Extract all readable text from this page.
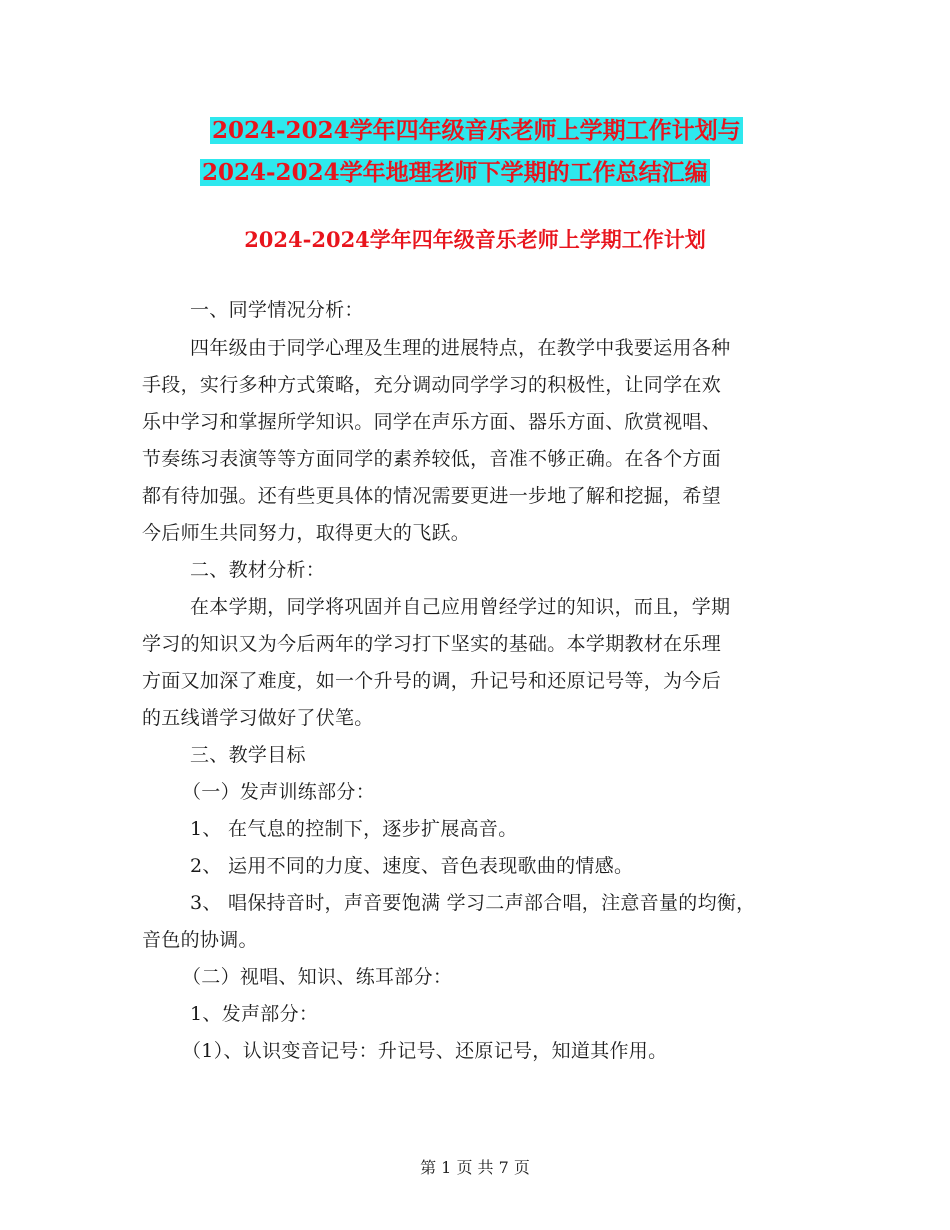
2024-2024学年四年级音乐老师上学期工作计划与
2024-2024学年地理老师下学期的工作总结汇编
2024-2024学年四年级音乐老师上学期工作计划
一、同学情况分析：
四年级由于同学心理及生理的进展特点，在教学中我要运用各种
手段，实行多种方式策略，充分调动同学学习的积极性，让同学在欢
乐中学习和掌握所学知识。同学在声乐方面、器乐方面、欣赏视唱、
节奏练习表演等等方面同学的素养较低，音准不够正确。在各个方面
都有待加强。还有些更具体的情况需要更进一步地了解和挖掘，希望
今后师生共同努力，取得更大的飞跃。
二、教材分析：
在本学期，同学将巩固并自己应用曾经学过的知识，而且，学期
学习的知识又为今后两年的学习打下坚实的基础。本学期教材在乐理
方面又加深了难度，如一个升号的调，升记号和还原记号等，为今后
的五线谱学习做好了伏笔。
三、教学目标
（一）发声训练部分：
1、 在气息的控制下，逐步扩展高音。
2、 运用不同的力度、速度、音色表现歌曲的情感。
3、 唱保持音时，声音要饱满 学习二声部合唱，注意音量的均衡，
音色的协调。
（二）视唱、知识、练耳部分：
1、发声部分：
（1）、认识变音记号：升记号、还原记号，知道其作用。
第 1 页 共 7 页
